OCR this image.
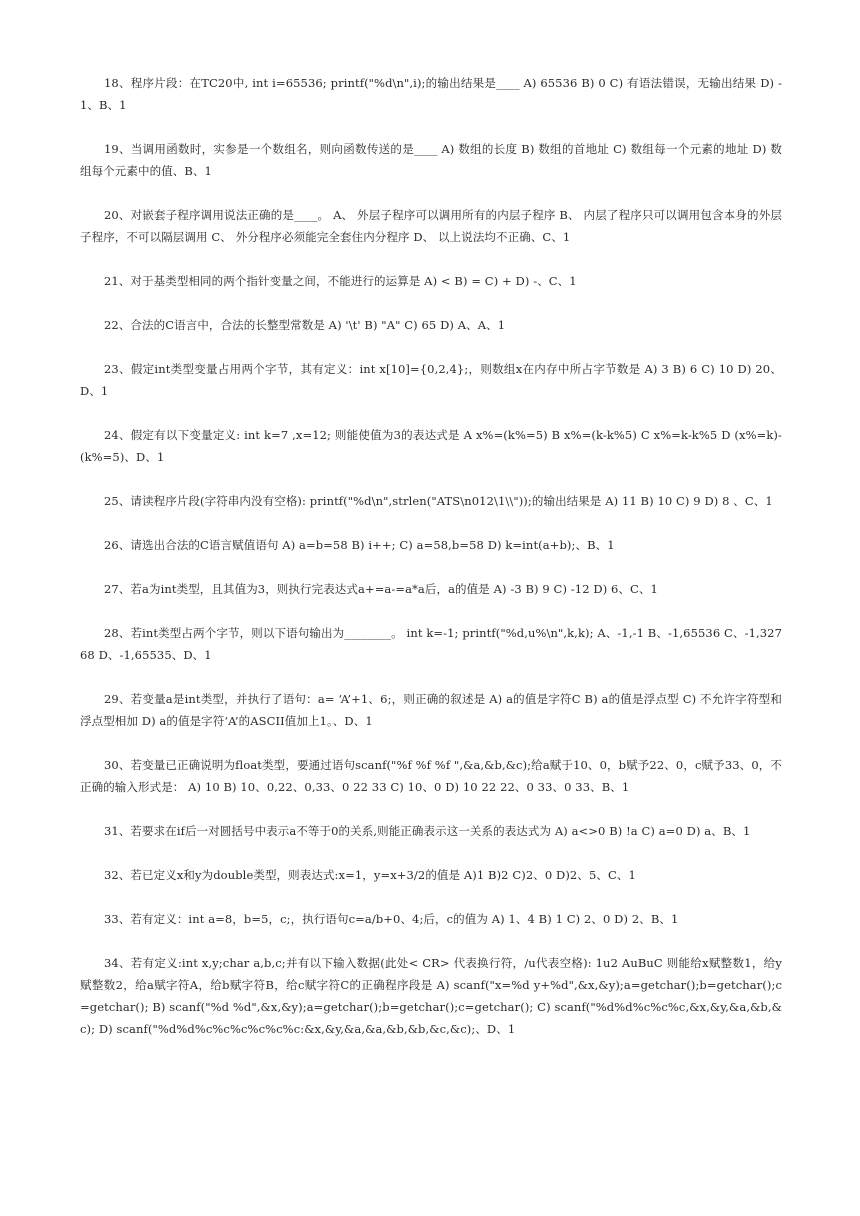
18、程序片段：在TC20中, int i=65536; printf("%d\n",i);的输出结果是____ A) 65536 B) 0 C) 有语法错误，无输出结果 D) -1、B、1

19、当调用函数时，实参是一个数组名，则向函数传送的是____ A) 数组的长度 B) 数组的首地址 C) 数组每一个元素的地址 D) 数组每个元素中的值、B、1

20、对嵌套子程序调用说法正确的是____。 A、 外层子程序可以调用所有的内层子程序 B、 内层了程序只可以调用包含本身的外层子程序，不可以隔层调用 C、 外分程序必须能完全套住内分程序 D、 以上说法均不正确、C、1

21、对于基类型相同的两个指针变量之间，不能进行的运算是 A) < B) = C) + D) -、C、1

22、合法的C语言中，合法的长整型常数是 A) '\t' B) "A" C) 65 D) A、A、1

23、假定int类型变量占用两个字节，其有定义：int x[10]={0,2,4};，则数组x在内存中所占字节数是 A) 3 B) 6 C) 10 D) 20、D、1

24、假定有以下变量定义: int k=7 ,x=12; 则能使值为3的表达式是 A x%=(k%=5) B x%=(k-k%5) C x%=k-k%5 D (x%=k)-(k%=5)、D、1

25、请读程序片段(字符串内没有空格): printf("%d\n",strlen("ATS\n012\1\\"));的输出结果是 A) 11 B) 10 C) 9 D) 8 、C、1

26、请选出合法的C语言赋值语句 A) a=b=58 B) i++; C) a=58,b=58 D) k=int(a+b);、B、1

27、若a为int类型，且其值为3，则执行完表达式a+=a-=a*a后，a的值是 A) -3 B) 9 C) -12 D) 6、C、1

28、若int类型占两个字节，则以下语句输出为________。 int k=-1; printf("%d,u%\n",k,k); A、-1,-1 B、-1,65536 C、-1,32768 D、-1,65535、D、1

29、若变量a是int类型，并执行了语句：a= ‘A’+1、6;，则正确的叙述是 A) a的值是字符C B) a的值是浮点型 C) 不允许字符型和浮点型相加 D) a的值是字符‘A’的ASCII值加上1。、D、1

30、若变量已正确说明为float类型，要通过语句scanf("%f %f %f ",&a,&b,&c);给a赋于10、0，b赋予22、0，c赋予33、0，不正确的输入形式是： A) 10 B) 10、0,22、0,33、0 22 33 C) 10、0 D) 10 22 22、0 33、0 33、B、1

31、若要求在if后一对圆括号中表示a不等于0的关系,则能正确表示这一关系的表达式为 A) a<>0 B) !a C) a=0 D) a、B、1

32、若已定义x和y为double类型，则表达式:x=1，y=x+3/2的值是 A)1 B)2 C)2、0 D)2、5、C、1

33、若有定义：int a=8，b=5，c;，执行语句c=a/b+0、4;后，c的值为 A) 1、4 B) 1 C) 2、0 D) 2、B、1

34、若有定义:int x,y;char a,b,c;并有以下输入数据(此处< CR> 代表换行符，/u代表空格): 1u2 AuBuC 则能给x赋整数1，给y赋整数2，给a赋字符A，给b赋字符B，给c赋字符C的正确程序段是 A) scanf("x=%d y+%d",&x,&y);a=getchar();b=getchar();c=getchar(); B) scanf("%d %d",&x,&y);a=getchar();b=getchar();c=getchar(); C) scanf("%d%d%c%c%c,&x,&y,&a,&b,&c); D) scanf("%d%d%c%c%c%c%c%c:&x,&y,&a,&a,&b,&b,&c,&c);、D、1
